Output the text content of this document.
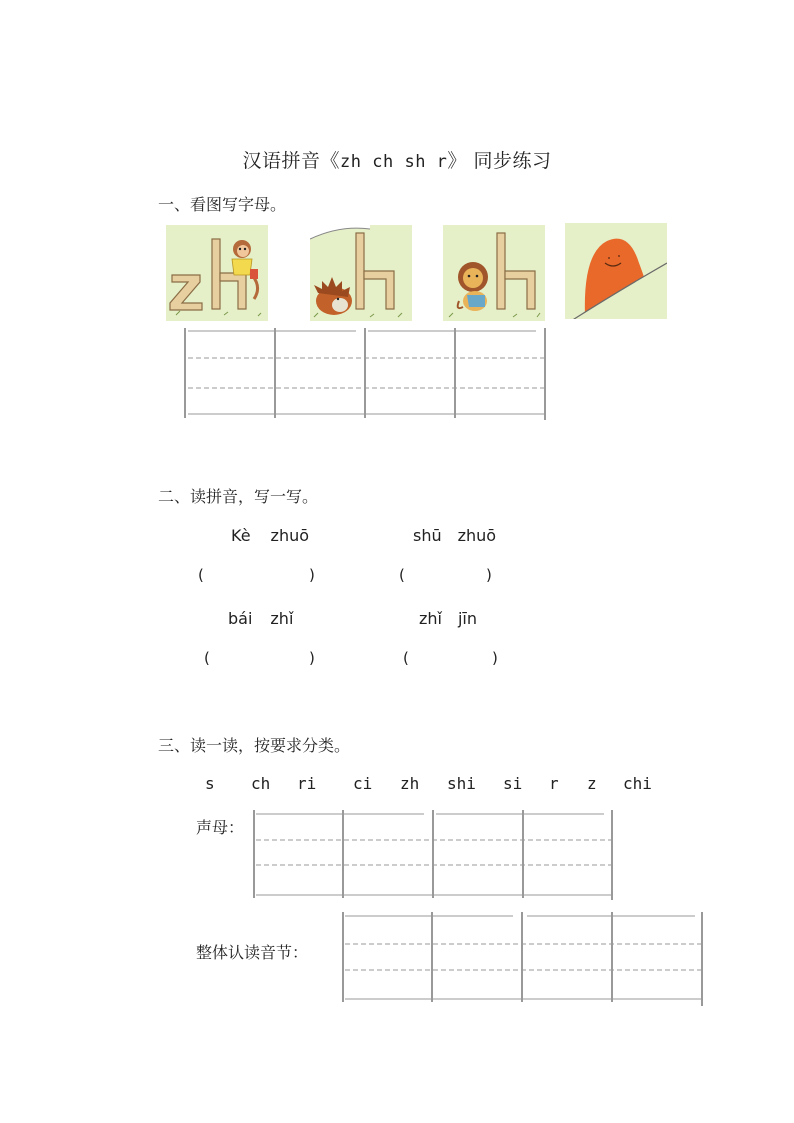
汉语拼音《zh ch sh r》 同步练习
一、看图写字母。
二、读拼音，写一写。
Kè zhuō	shū zhuō
(	)	(	)
bái zhǐ	zhǐ jīn
(	)	(	)
三、读一读，按要求分类。
s ch ri ci zh shi si r z chi
声母：
整体认读音节：
